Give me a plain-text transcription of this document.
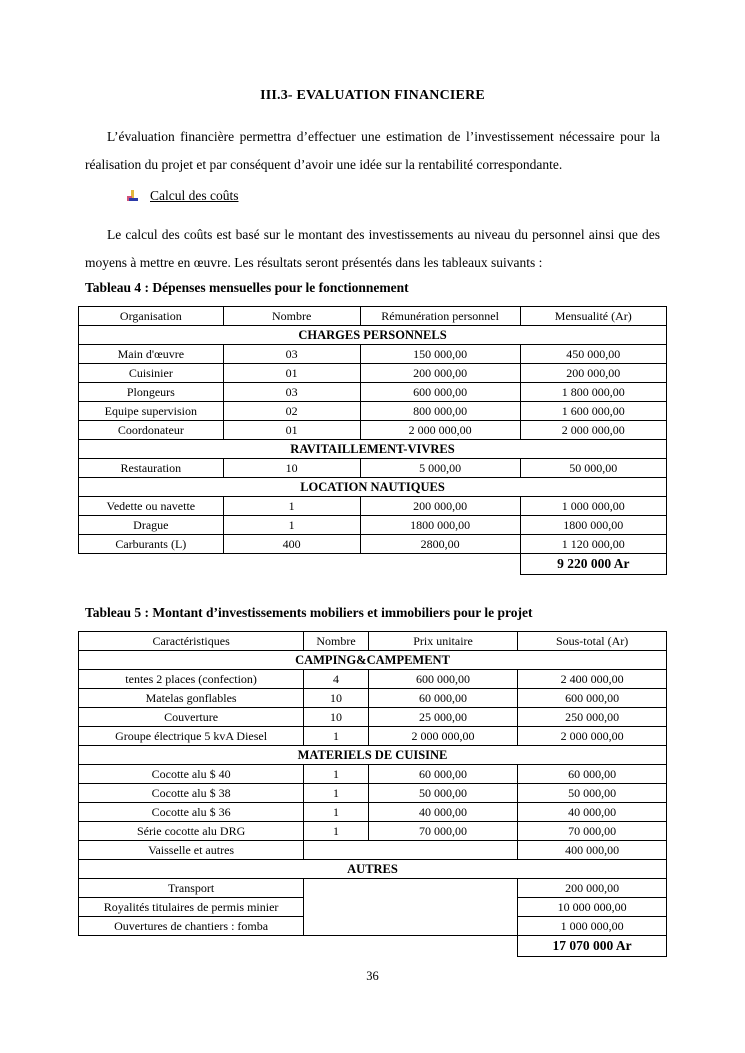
III.3- EVALUATION FINANCIERE
L’évaluation financière permettra d’effectuer une estimation de l’investissement nécessaire pour la réalisation du projet et par conséquent d’avoir une idée sur la rentabilité correspondante.
Calcul des coûts
Le calcul des coûts est basé sur le montant des investissements au niveau du personnel ainsi que des moyens à mettre en œuvre. Les résultats seront présentés dans les tableaux suivants :
Tableau 4 : Dépenses mensuelles pour le fonctionnement
Organisation	Nombre	Rémunération personnel	Mensualité (Ar)
CHARGES PERSONNELS			
Main d'œuvre	03	150 000,00	450 000,00
Cuisinier	01	200 000,00	200 000,00
Plongeurs	03	600 000,00	1 800 000,00
Equipe supervision	02	800 000,00	1 600 000,00
Coordonateur	01	2 000 000,00	2 000 000,00
RAVITAILLEMENT-VIVRES			
Restauration	10	5 000,00	50 000,00
LOCATION NAUTIQUES			
Vedette ou navette	1	200 000,00	1 000 000,00
Drague	1	1800 000,00	1800 000,00
Carburants (L)	400	2800,00	1 120 000,00
			9 220 000 Ar
Tableau 5 : Montant d’investissements mobiliers et immobiliers pour le projet
Caractéristiques	Nombre	Prix unitaire	Sous-total (Ar)
CAMPING&CAMPEMENT			
tentes 2 places (confection)	4	600 000,00	2 400 000,00
Matelas gonflables	10	60 000,00	600 000,00
Couverture	10	25 000,00	250 000,00
Groupe électrique 5 kvA Diesel	1	2 000 000,00	2 000 000,00
MATERIELS DE CUISINE			
Cocotte alu $ 40	1	60 000,00	60 000,00
Cocotte alu $ 38	1	50 000,00	50 000,00
Cocotte alu $ 36	1	40 000,00	40 000,00
Série cocotte alu DRG	1	70 000,00	70 000,00
Vaisselle et autres			400 000,00
AUTRES			
Transport			200 000,00
Royalités titulaires de permis minier			10 000 000,00
Ouvertures de chantiers : fomba			1 000 000,00
			17 070 000 Ar
36
